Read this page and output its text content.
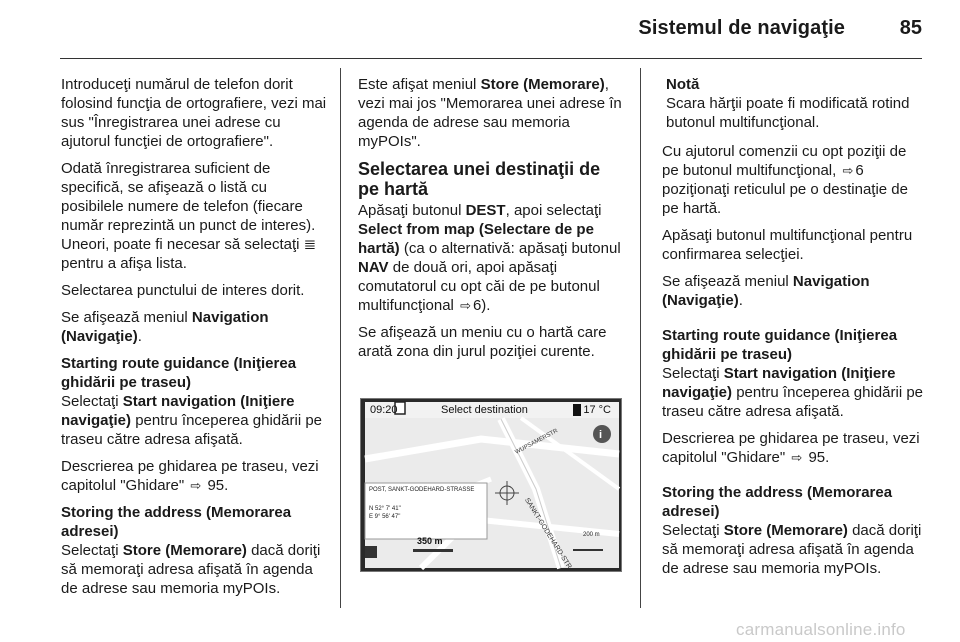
Sistemul de navigaţie	85

Introduceţi numărul de telefon dorit folosind funcţia de ortografiere, vezi mai sus "Înregistrarea unei adrese cu ajutorul funcţiei de ortografiere".

Odată înregistrarea suficient de specifică, se afişează o listă cu posibilele numere de telefon (fiecare număr reprezintă un punct de interes). Uneori, poate fi necesar să selectaţi ≣ pentru a afişa lista.

Selectarea punctului de interes dorit.

Se afişează meniul Navigation (Navigaţie).

Starting route guidance (Iniţierea ghidării pe traseu)

Selectaţi Start navigation (Iniţiere navigaţie) pentru începerea ghidării pe traseu către adresa afişată.

Descrierea pe ghidarea pe traseu, vezi capitolul "Ghidare" ⇨ 95.

Storing the address (Memorarea adresei)

Selectaţi Store (Memorare) dacă doriţi să memoraţi adresa afişată în agenda de adrese sau memoria myPOIs.

Este afişat meniul Store (Memorare), vezi mai jos "Memorarea unei adrese în agenda de adrese sau memoria myPOIs".

Selectarea unei destinaţii de pe hartă

Apăsaţi butonul DEST, apoi selectaţi Select from map (Selectare de pe hartă) (ca o alternativă: apăsaţi butonul NAV de două ori, apoi apăsaţi comutatorul cu opt căi de pe butonul multifuncţional ⇨ 6).

Se afişează un meniu cu o hartă care arată zona din jurul poziţiei curente.

i
09:20	Select destination	17 °C
POST, SANKT-GODEHARD-STRASSE
N 52° 7' 41"
E 9° 56' 47"
350 m
200 m
WUPSAMERSTR
SANKT-GODEHARD-STR
Notă
Scara hărţii poate fi modificată rotind butonul multifuncţional.

Cu ajutorul comenzii cu opt poziţii de pe butonul multifuncţional, ⇨ 6 poziţionaţi reticulul pe o destinaţie de pe hartă.

Apăsaţi butonul multifuncţional pentru confirmarea selecţiei.

Se afişează meniul Navigation (Navigaţie).

Starting route guidance (Iniţierea ghidării pe traseu)

Selectaţi Start navigation (Iniţiere navigaţie) pentru începerea ghidării pe traseu către adresa afişată.

Descrierea pe ghidarea pe traseu, vezi capitolul "Ghidare" ⇨ 95.

Storing the address (Memorarea adresei)

Selectaţi Store (Memorare) dacă doriţi să memoraţi adresa afişată în agenda de adrese sau memoria myPOIs.

carmanualsonline.info
